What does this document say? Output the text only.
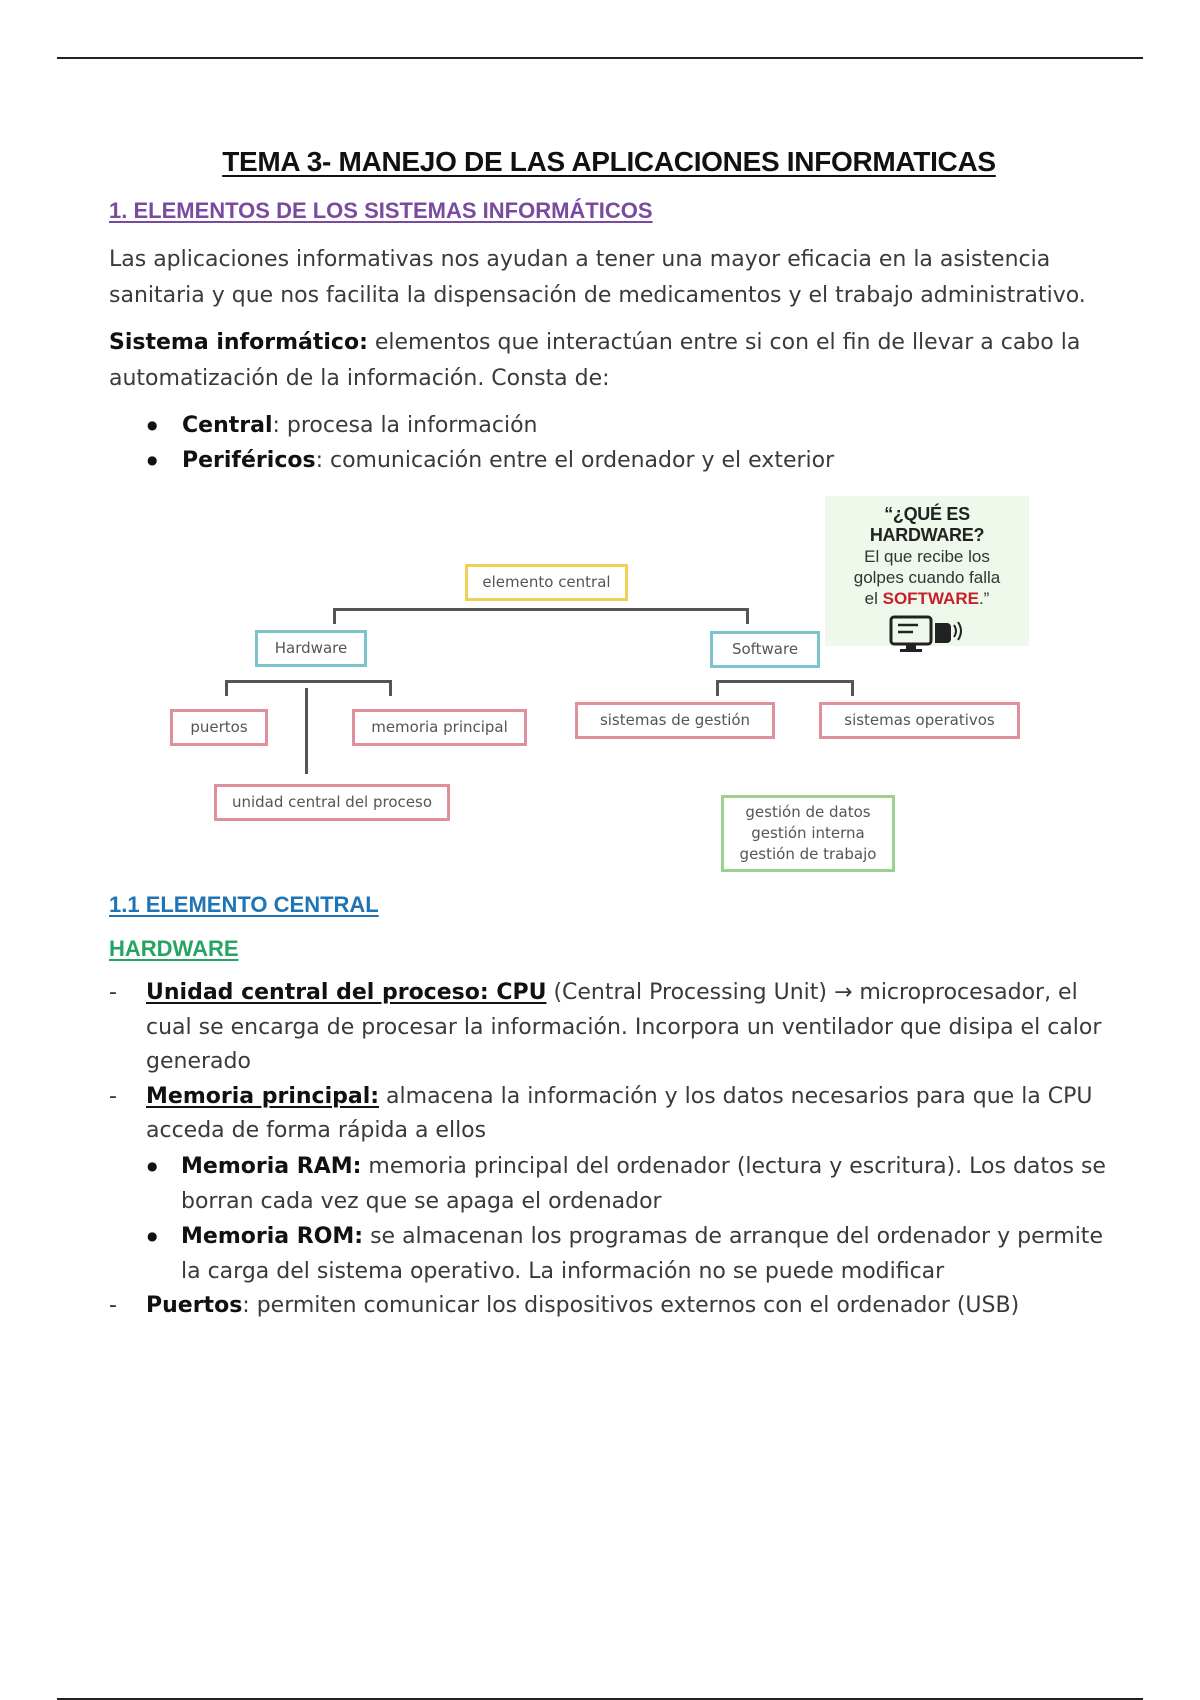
TEMA 3- MANEJO DE LAS APLICACIONES INFORMATICAS
1. ELEMENTOS DE LOS SISTEMAS INFORMÁTICOS

Las aplicaciones informativas nos ayudan a tener una mayor eficacia en la asistencia sanitaria y que nos facilita la dispensación de medicamentos y el trabajo administrativo.

Sistema informático: elementos que interactúan entre si con el fin de llevar a cabo la automatización de la información. Consta de:

● Central: procesa la información
● Periféricos: comunicación entre el ordenador y el exterior
elemento central
Hardware	Software
puertos	memoria principal
unidad central del proceso
sistemas de gestión	sistemas operativos
gestión de datos
gestión interna
gestión de trabajo
“¿QUÉ ES HARDWARE?
El que recibe los
golpes cuando falla
el SOFTWARE.”
1.1 ELEMENTO CENTRAL
HARDWARE
- Unidad central del proceso: CPU (Central Processing Unit) → microprocesador, el cual se encarga de procesar la información. Incorpora un ventilador que disipa el calor generado
- Memoria principal: almacena la información y los datos necesarios para que la CPU acceda de forma rápida a ellos
● Memoria RAM: memoria principal del ordenador (lectura y escritura). Los datos se borran cada vez que se apaga el ordenador
● Memoria ROM: se almacenan los programas de arranque del ordenador y permite la carga del sistema operativo. La información no se puede modificar
- Puertos: permiten comunicar los dispositivos externos con el ordenador (USB)
